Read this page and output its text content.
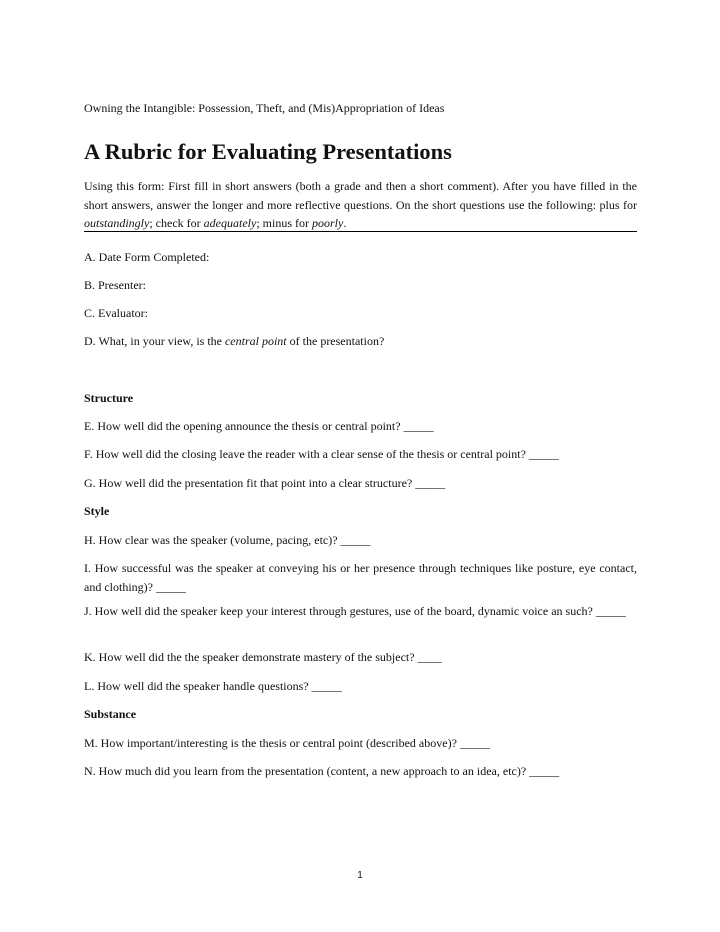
Owning the Intangible: Possession, Theft, and (Mis)Appropriation of Ideas
A Rubric for Evaluating Presentations

Using this form: First fill in short answers (both a grade and then a short comment). After you have filled in the short answers, answer the longer and more reflective questions. On the short questions use the following: plus for outstandingly; check for adequately; minus for poorly.

A. Date Form Completed:

B. Presenter:

C. Evaluator:

D. What, in your view, is the central point of the presentation?

Structure

E. How well did the opening announce the thesis or central point? _____

F. How well did the closing leave the reader with a clear sense of the thesis or central point? _____

G. How well did the presentation fit that point into a clear structure? _____

Style

H. How clear was the speaker (volume, pacing, etc)? _____

I. How successful was the speaker at conveying his or her presence through techniques like posture, eye contact, and clothing)? _____

J. How well did the speaker keep your interest through gestures, use of the board, dynamic voice an such? _____

K. How well did the the speaker demonstrate mastery of the subject? ____

L. How well did the speaker handle questions? _____

Substance

M. How important/interesting is the thesis or central point (described above)? _____

N. How much did you learn from the presentation (content, a new approach to an idea, etc)? _____

1
